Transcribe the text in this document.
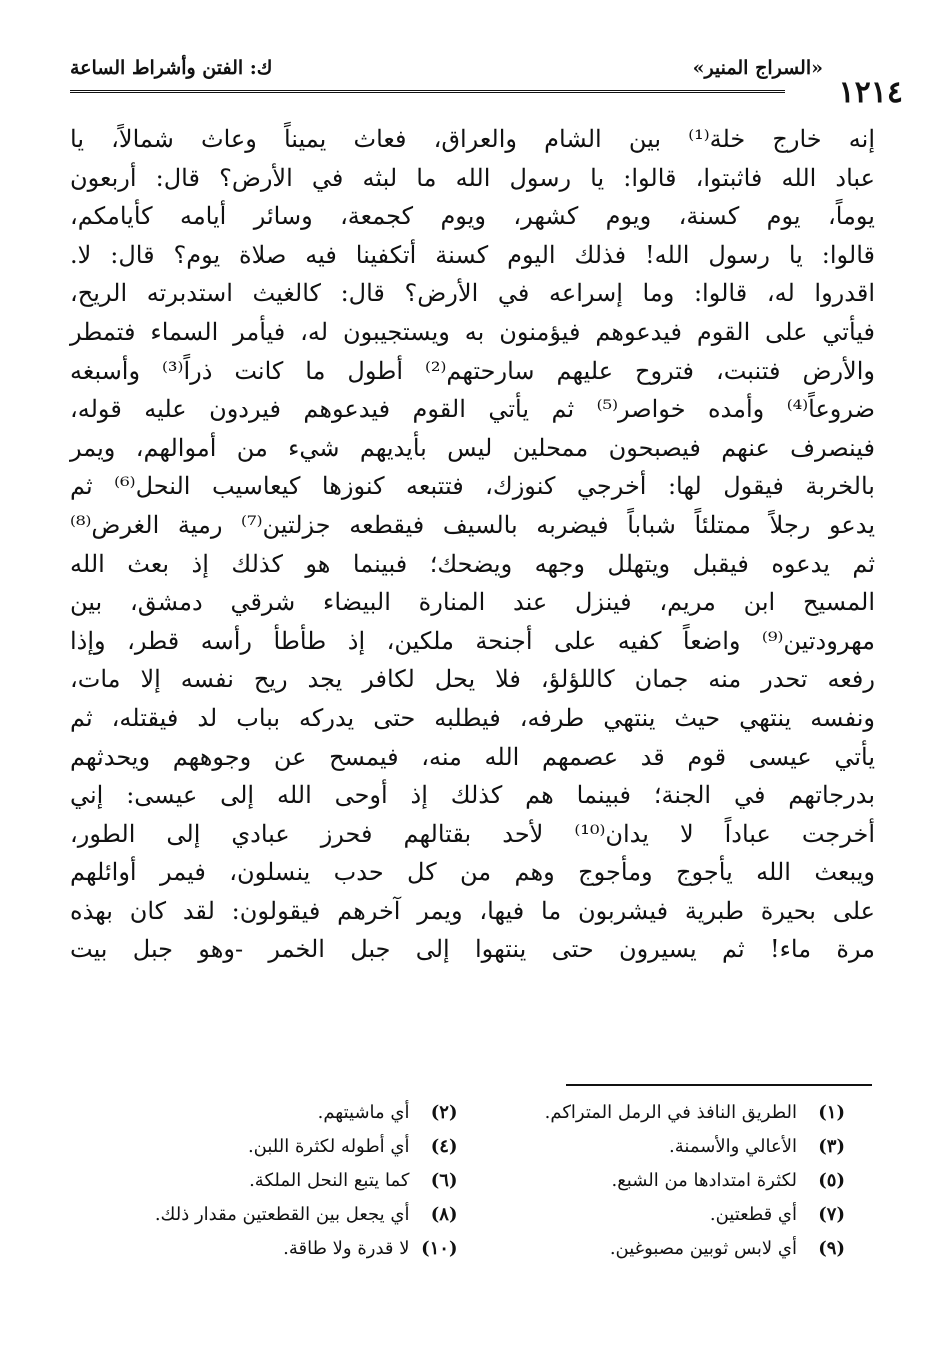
١٢١٤
«السراج المنير»
ك: الفتن وأشراط الساعة
إنه خارج خلة⁽¹⁾ بين الشام والعراق، فعاث يميناً وعاث شمالاً، يا
عباد الله فاثبتوا، قالوا: يا رسول الله ما لبثه في الأرض؟ قال: أربعون
يوماً، يوم كسنة، ويوم كشهر، ويوم كجمعة، وسائر أيامه كأيامكم،
قالوا: يا رسول الله! فذلك اليوم كسنة أتكفينا فيه صلاة يوم؟ قال: لا.
اقدروا له، قالوا: وما إسراعه في الأرض؟ قال: كالغيث استدبرته الريح،
فيأتي على القوم فيدعوهم فيؤمنون به ويستجيبون له، فيأمر السماء فتمطر
والأرض فتنبت، فتروح عليهم سارحتهم⁽²⁾ أطول ما كانت ذراً⁽³⁾ وأسبغه
ضروعاً⁽⁴⁾ وأمده خواصر⁽⁵⁾ ثم يأتي القوم فيدعوهم فيردون عليه قوله،
فينصرف عنهم فيصبحون ممحلين ليس بأيديهم شيء من أموالهم، ويمر
بالخربة فيقول لها: أخرجي كنوزك، فتتبعه كنوزها كيعاسيب النحل⁽⁶⁾ ثم
يدعو رجلاً ممتلئاً شباباً فيضربه بالسيف فيقطعه جزلتين⁽⁷⁾ رمية الغرض⁽⁸⁾
ثم يدعوه فيقبل ويتهلل وجهه ويضحك؛ فبينما هو كذلك إذ بعث الله
المسيح ابن مريم، فينزل عند المنارة البيضاء شرقي دمشق، بين
مهرودتين⁽⁹⁾ واضعاً كفيه على أجنحة ملكين، إذ طأطأ رأسه قطر، وإذا
رفعه تحدر منه جمان كاللؤلؤ، فلا يحل لكافر يجد ريح نفسه إلا مات،
ونفسه ينتهي حيث ينتهي طرفه، فيطلبه حتى يدركه بباب لد فيقتله، ثم
يأتي عيسى قوم قد عصمهم الله منه، فيمسح عن وجوههم ويحدثهم
بدرجاتهم في الجنة؛ فبينما هم كذلك إذ أوحى الله إلى عيسى: إني
أخرجت عباداً لا يدان⁽¹⁰⁾ لأحد بقتالهم فحرز عبادي إلى الطور،
ويبعث الله يأجوج ومأجوج وهم من كل حدب ينسلون، فيمر أوائلهم
على بحيرة طبرية فيشربون ما فيها، ويمر آخرهم فيقولون: لقد كان بهذه
مرة ماء! ثم يسيرون حتى ينتهوا إلى جبل الخمر -وهو جبل بيت
(١)
الطريق النافذ في الرمل المتراكم.
(٢)
أي ماشيتهم.
(٣)
الأعالي والأسمنة.
(٤)
أي أطوله لكثرة اللبن.
(٥)
لكثرة امتدادها من الشبع.
(٦)
كما يتبع النحل الملكة.
(٧)
أي قطعتين.
(٨)
أي يجعل بين القطعتين مقدار ذلك.
(٩)
أي لابس ثوبين مصبوغين.
(١٠)
لا قدرة ولا طاقة.
